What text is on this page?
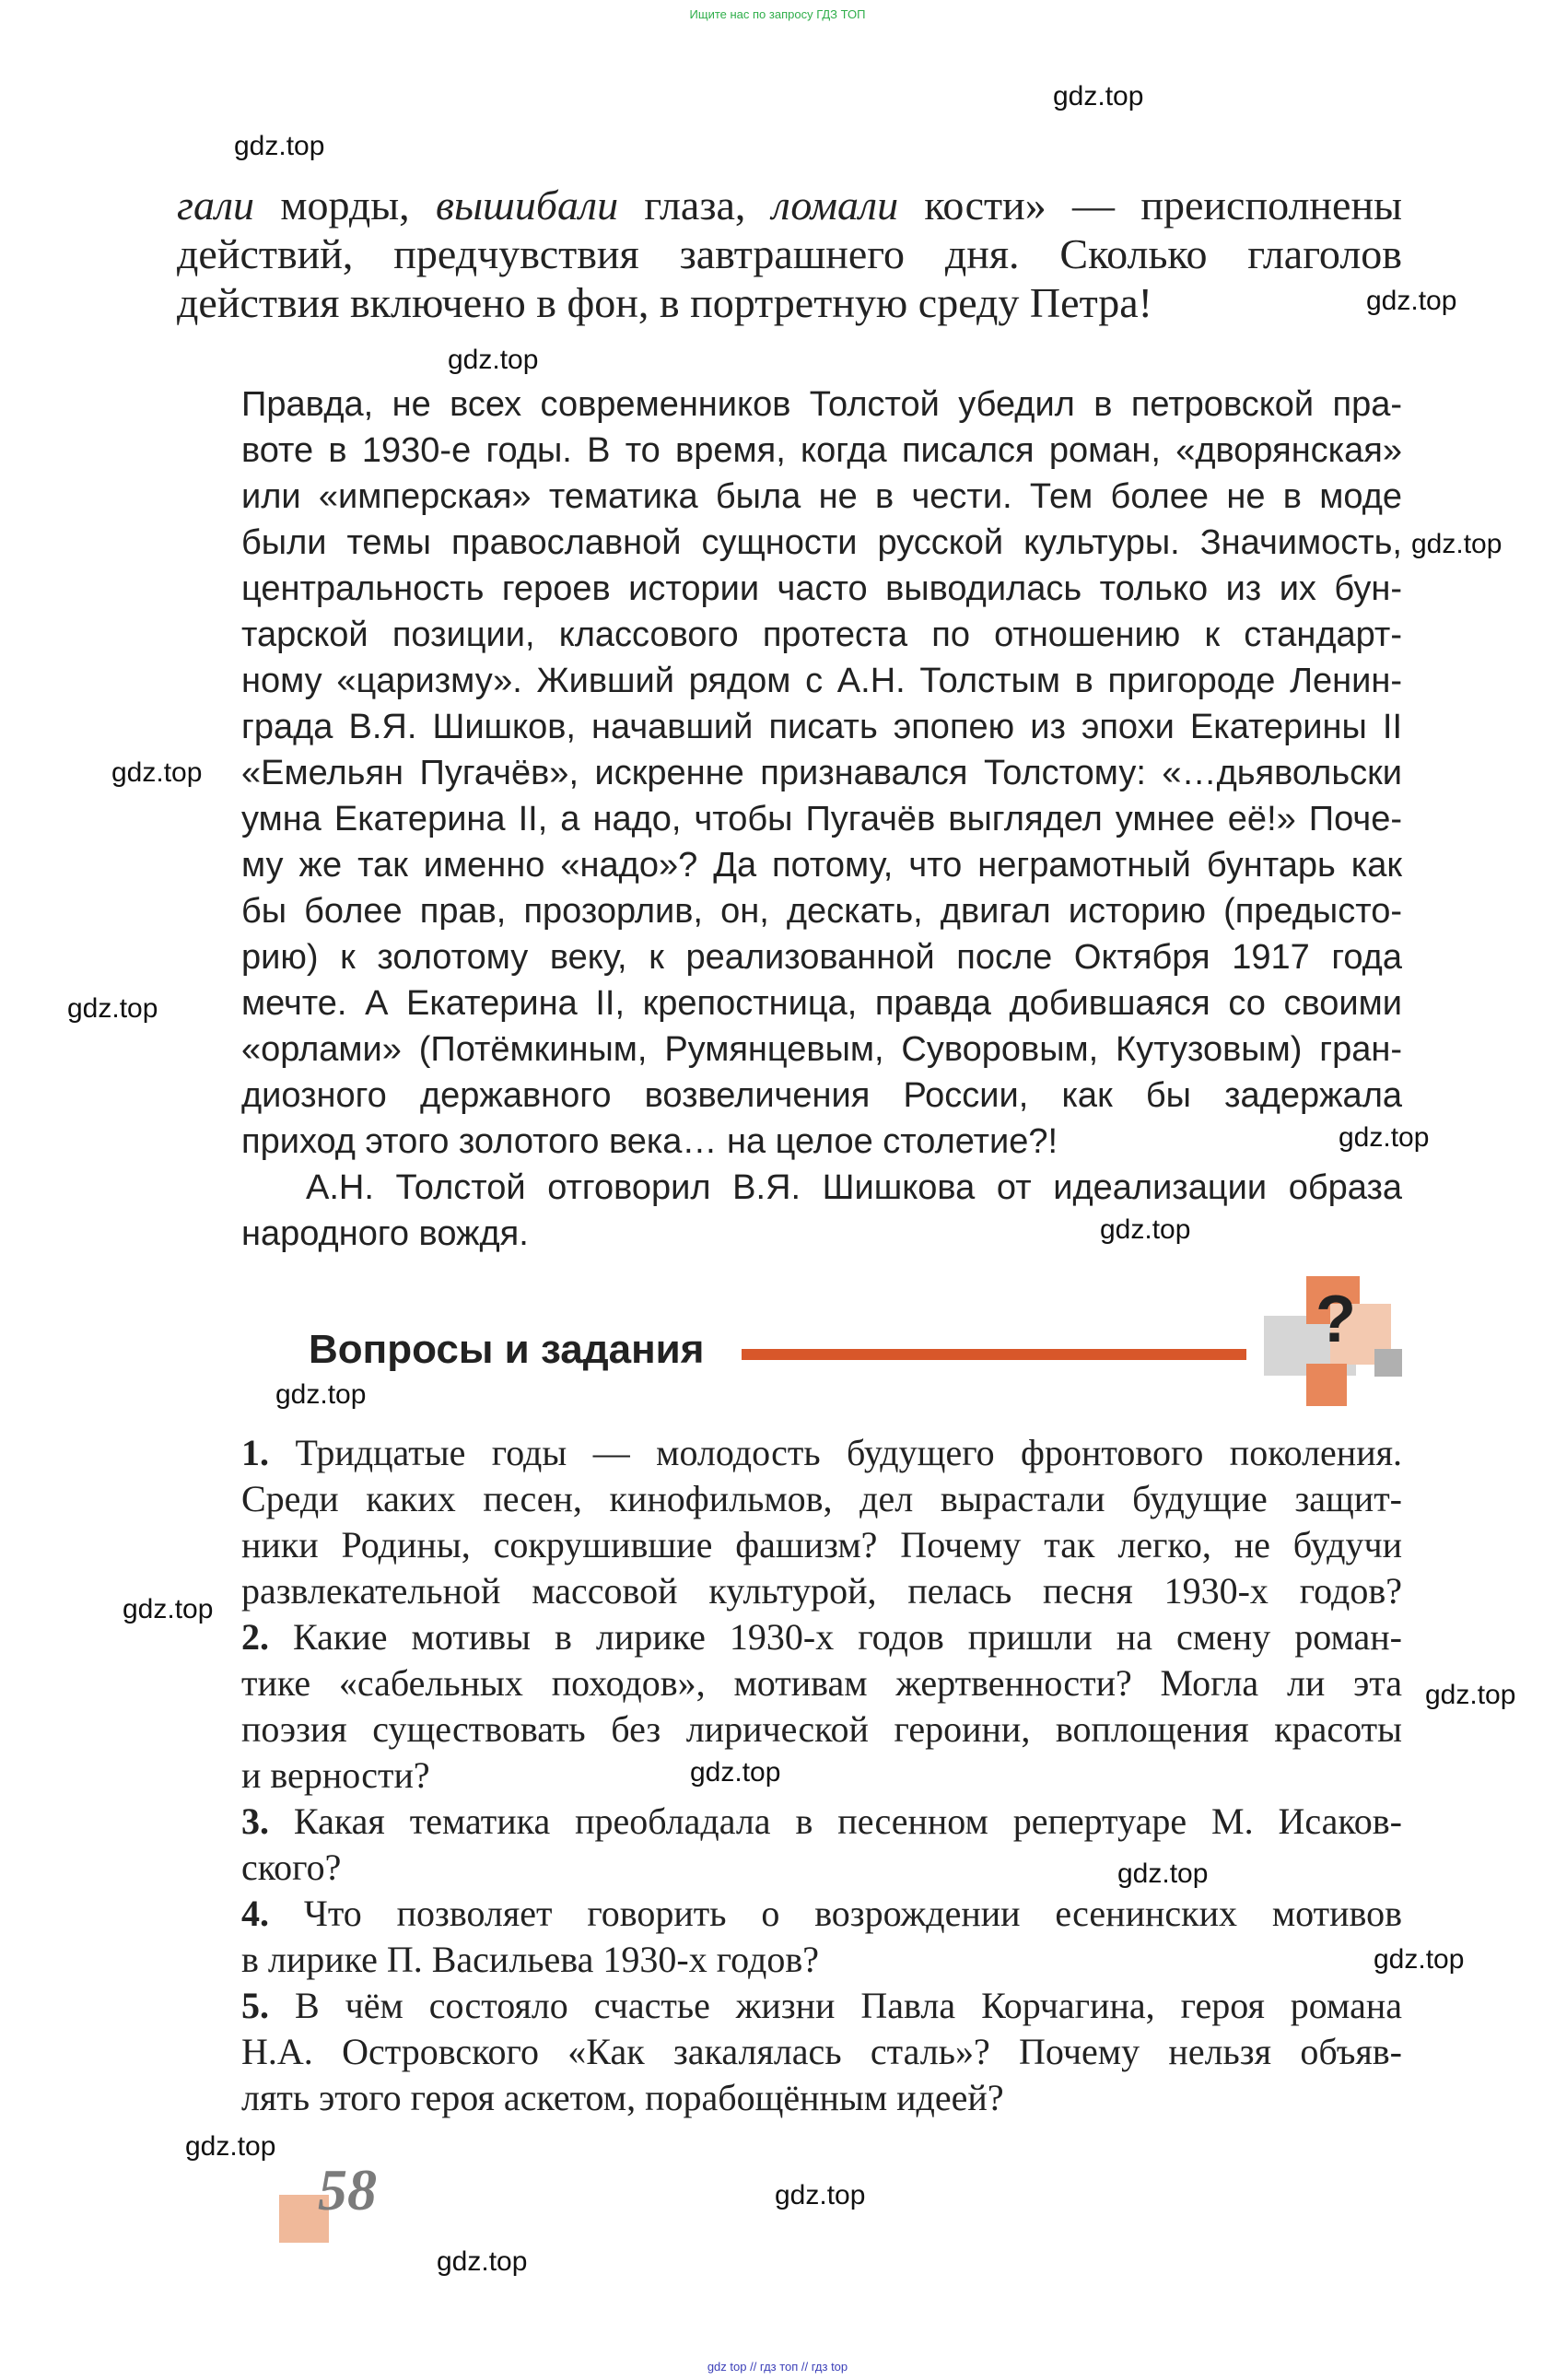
Ищите нас по запросу ГДЗ ТОП
gdz top // гдз топ // гдз top
gdz.top
gdz.top
gdz.top
gdz.top
gdz.top
gdz.top
gdz.top
gdz.top
gdz.top
gdz.top
gdz.top
gdz.top
gdz.top
gdz.top
gdz.top
gdz.top
gdz.top
gdz.top
гали морды, вышибали глаза, ломали кости» — преисполнены
действий, предчувствия завтрашнего дня. Сколько глаголов
действия включено в фон, в портретную среду Петра!
Правда, не всех современников Толстой убедил в петровской пра-
воте в 1930-е годы. В то время, когда писался роман, «дворянская»
или «имперская» тематика была не в чести. Тем более не в моде
были темы православной сущности русской культуры. Значимость,
центральность героев истории часто выводилась только из их бун-
тарской позиции, классового протеста по отношению к стандарт-
ному «царизму». Живший рядом с А.Н. Толстым в пригороде Ленин-
града В.Я. Шишков, начавший писать эпопею из эпохи Екатерины II
«Емельян Пугачёв», искренне признавался Толстому: «…дьявольски
умна Екатерина II, а надо, чтобы Пугачёв выглядел умнее её!» Поче-
му же так именно «надо»? Да потому, что неграмотный бунтарь как
бы более прав, прозорлив, он, дескать, двигал историю (предысто-
рию) к золотому веку, к реализованной после Октября 1917 года
мечте. А Екатерина II, крепостница, правда добившаяся со своими
«орлами» (Потёмкиным, Румянцевым, Суворовым, Кутузовым) гран-
диозного державного возвеличения России, как бы задержала
приход этого золотого века… на целое столетие?!
А.Н. Толстой отговорил В.Я. Шишкова от идеализации образа
народного вождя.
Вопросы и задания	?
1. Тридцатые годы — молодость будущего фронтового поколения.
Среди каких песен, кинофильмов, дел вырастали будущие защит-
ники Родины, сокрушившие фашизм? Почему так легко, не будучи
развлекательной массовой культурой, пелась песня 1930-х годов?
2. Какие мотивы в лирике 1930-х годов пришли на смену роман-
тике «сабельных походов», мотивам жертвенности? Могла ли эта
поэзия существовать без лирической героини, воплощения красоты
и верности?
3. Какая тематика преобладала в песенном репертуаре М. Исаков-
ского?
4. Что позволяет говорить о возрождении есенинских мотивов
в лирике П. Васильева 1930-х годов?
5. В чём состояло счастье жизни Павла Корчагина, героя романа
Н.А. Островского «Как закалялась сталь»? Почему нельзя объяв-
лять этого героя аскетом, порабощённым идеей?
58
